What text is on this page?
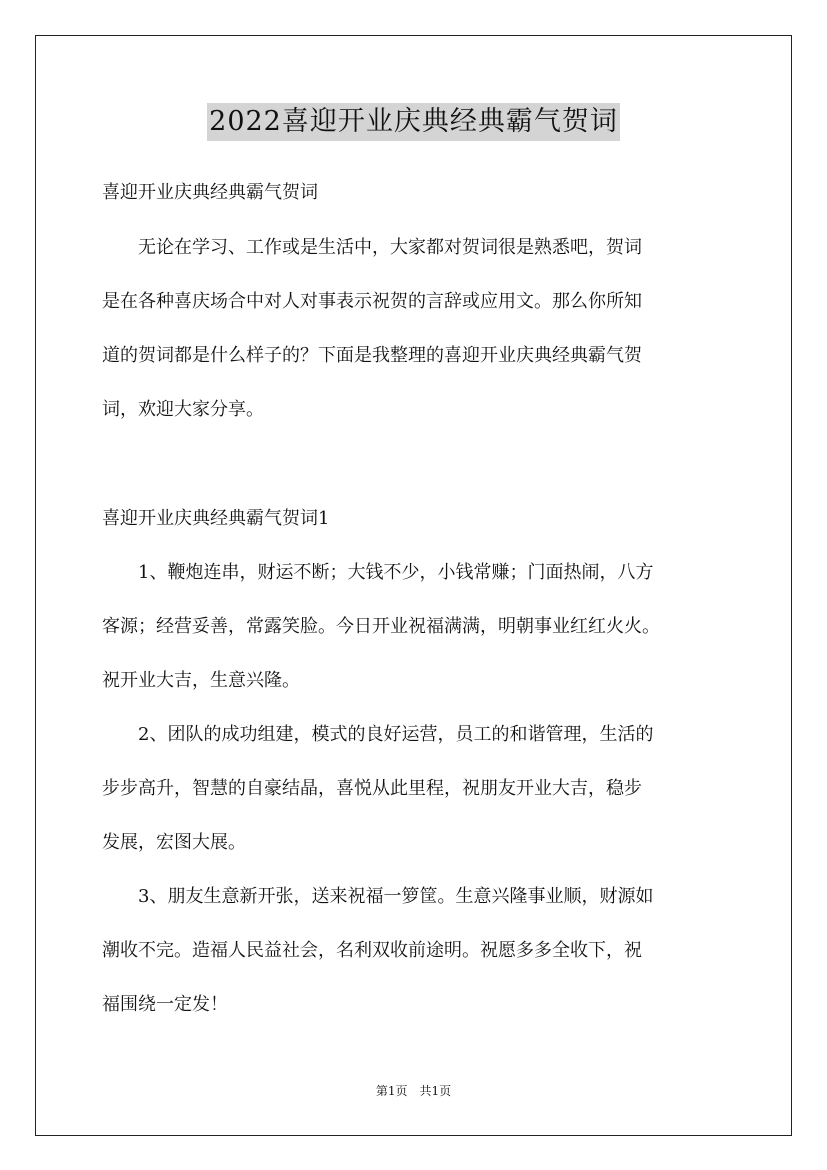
2022喜迎开业庆典经典霸气贺词
喜迎开业庆典经典霸气贺词
　　无论在学习、工作或是生活中，大家都对贺词很是熟悉吧，贺词
是在各种喜庆场合中对人对事表示祝贺的言辞或应用文。那么你所知
道的贺词都是什么样子的？下面是我整理的喜迎开业庆典经典霸气贺
词，欢迎大家分享。
喜迎开业庆典经典霸气贺词1
　　1、鞭炮连串，财运不断；大钱不少，小钱常赚；门面热闹，八方
客源；经营妥善，常露笑脸。今日开业祝福满满，明朝事业红红火火。
祝开业大吉，生意兴隆。
　　2、团队的成功组建，模式的良好运营，员工的和谐管理，生活的
步步高升，智慧的自豪结晶，喜悦从此里程，祝朋友开业大吉，稳步
发展，宏图大展。
　　3、朋友生意新开张，送来祝福一箩筐。生意兴隆事业顺，财源如
潮收不完。造福人民益社会，名利双收前途明。祝愿多多全收下，祝
福围绕一定发！
第1页　共1页
